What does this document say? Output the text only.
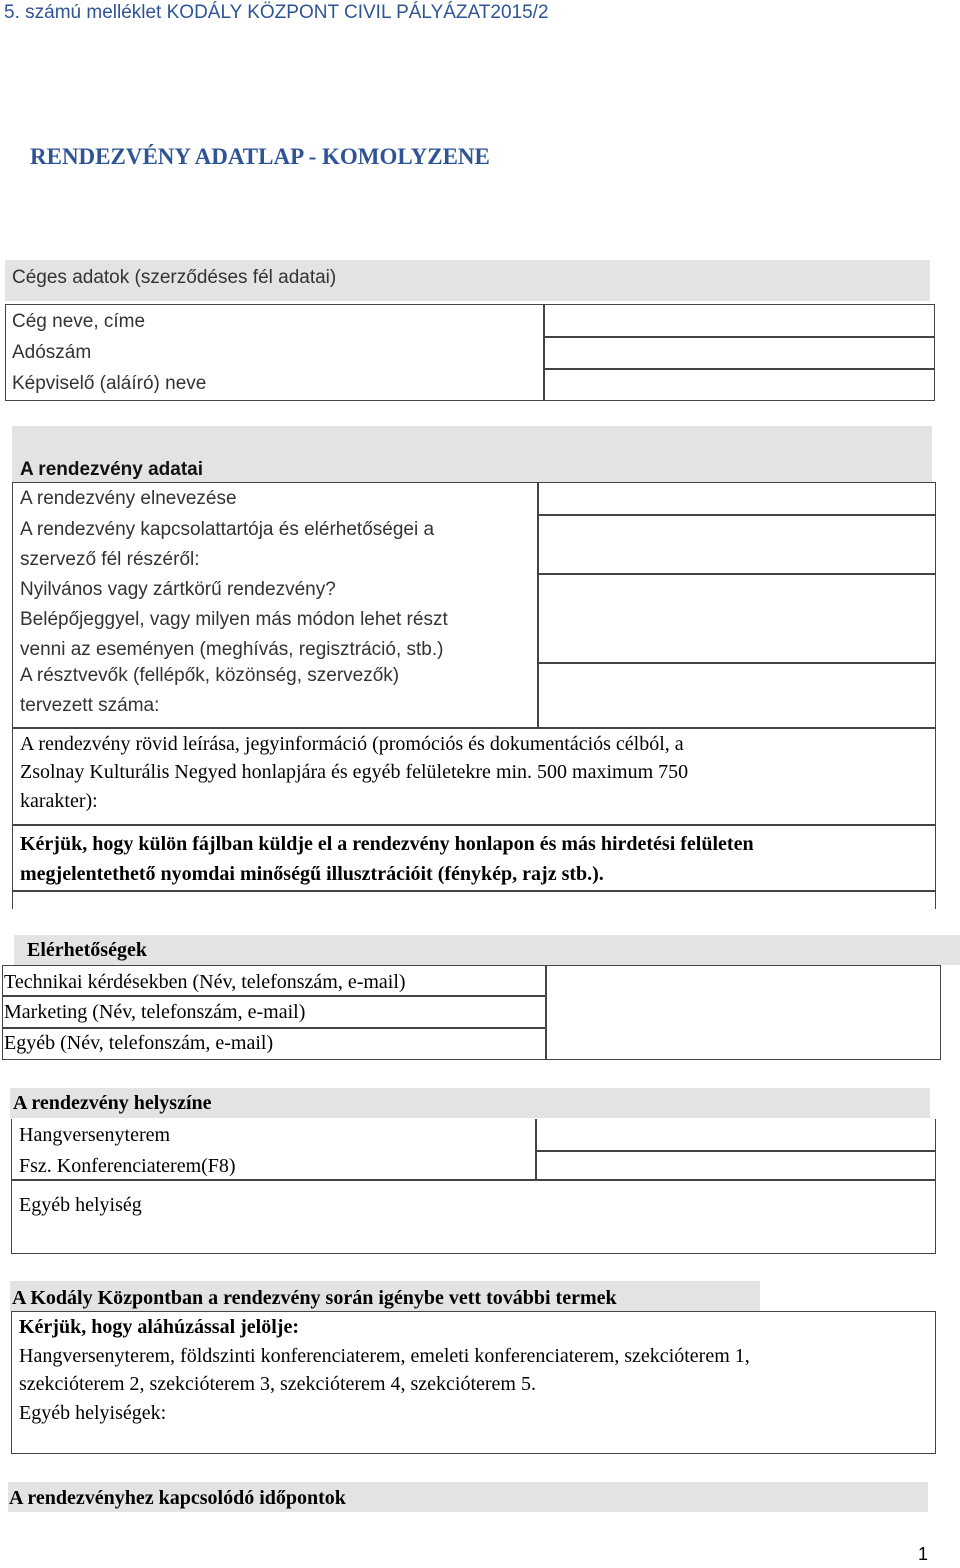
5. számú melléklet KODÁLY KÖZPONT CIVIL PÁLYÁZAT2015/2
RENDEZVÉNY ADATLAP - KOMOLYZENE
Céges adatok (szerződéses fél adatai)
Cég neve, címe
Adószám
Képviselő (aláíró) neve
A rendezvény adatai
A rendezvény elnevezése
A rendezvény kapcsolattartója és elérhetőségei a
szervező fél részéről:
Nyilvános vagy zártkörű rendezvény?
Belépőjeggyel, vagy milyen más módon lehet részt
venni az eseményen (meghívás, regisztráció, stb.)
A résztvevők (fellépők, közönség, szervezők)
tervezett száma:
A rendezvény rövid leírása, jegyinformáció (promóciós és dokumentációs célból, a
Zsolnay Kulturális Negyed honlapjára és egyéb felületekre min. 500 maximum 750
karakter):
Kérjük, hogy külön fájlban küldje el a rendezvény honlapon és más hirdetési felületen
megjelentethető nyomdai minőségű illusztrációit (fénykép, rajz stb.).
Elérhetőségek
Technikai kérdésekben (Név, telefonszám, e-mail)
Marketing (Név, telefonszám, e-mail)
Egyéb (Név, telefonszám, e-mail)
A rendezvény helyszíne
Hangversenyterem
Fsz. Konferenciaterem(F8)
Egyéb helyiség
A Kodály Központban a rendezvény során igénybe vett további termek
Kérjük, hogy aláhúzással jelölje:
Hangversenyterem, földszinti konferenciaterem, emeleti konferenciaterem, szekcióterem 1,
szekcióterem 2, szekcióterem 3, szekcióterem 4, szekcióterem 5.
Egyéb helyiségek:
A rendezvényhez kapcsolódó időpontok
1
